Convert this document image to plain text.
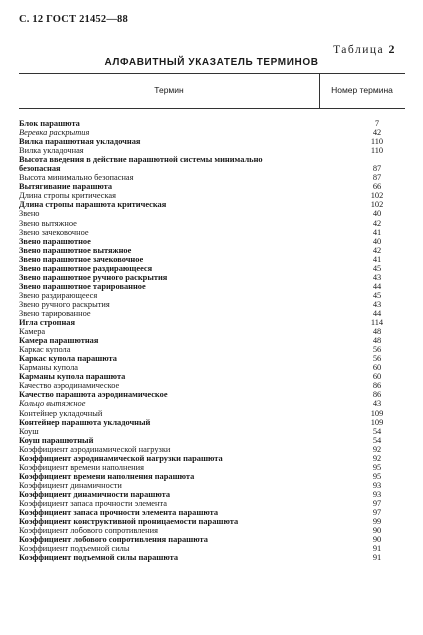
С. 12 ГОСТ 21452—88
Таблица 2
АЛФАВИТНЫЙ УКАЗАТЕЛЬ ТЕРМИНОВ
Термин	Номер термина
Блок парашюта	7
Веревка раскрытия	42
Вилка парашютная укладочная	110
Вилка укладочная	110
Высота введения в действие парашютной системы минимально
безопасная	87
Высота минимально безопасная	87
Вытягивание парашюта	66
Длина стропы критическая	102
Длина стропы парашюта критическая	102
Звено	40
Звено вытяжное	42
Звено зачековочное	41
Звено парашютное	40
Звено парашютное вытяжное	42
Звено парашютное зачековочное	41
Звено парашютное раздирающееся	45
Звено парашютное ручного раскрытия	43
Звено парашютное тарированное	44
Звено раздирающееся	45
Звено ручного раскрытия	43
Звено тарированное	44
Игла стропная	114
Камера	48
Камера парашютная	48
Каркас купола	56
Каркас купола парашюта	56
Карманы купола	60
Карманы купола парашюта	60
Качество аэродинамическое	86
Качество парашюта аэродинамическое	86
Кольцо вытяжное	43
Контейнер укладочный	109
Контейнер парашюта укладочный	109
Коуш	54
Коуш парашютный	54
Коэффициент аэродинамической нагрузки	92
Коэффициент аэродинамической нагрузки парашюта	92
Коэффициент времени наполнения	95
Коэффициент времени наполнения парашюта	95
Коэффициент динамичности	93
Коэффициент динамичности парашюта	93
Коэффициент запаса прочности элемента	97
Коэффициент запаса прочности элемента парашюта	97
Коэффициент конструктивной проницаемости парашюта	99
Коэффициент лобового сопротивления	90
Коэффициент лобового сопротивления парашюта	90
Коэффициент подъемной силы	91
Коэффициент подъемной силы парашюта	91
